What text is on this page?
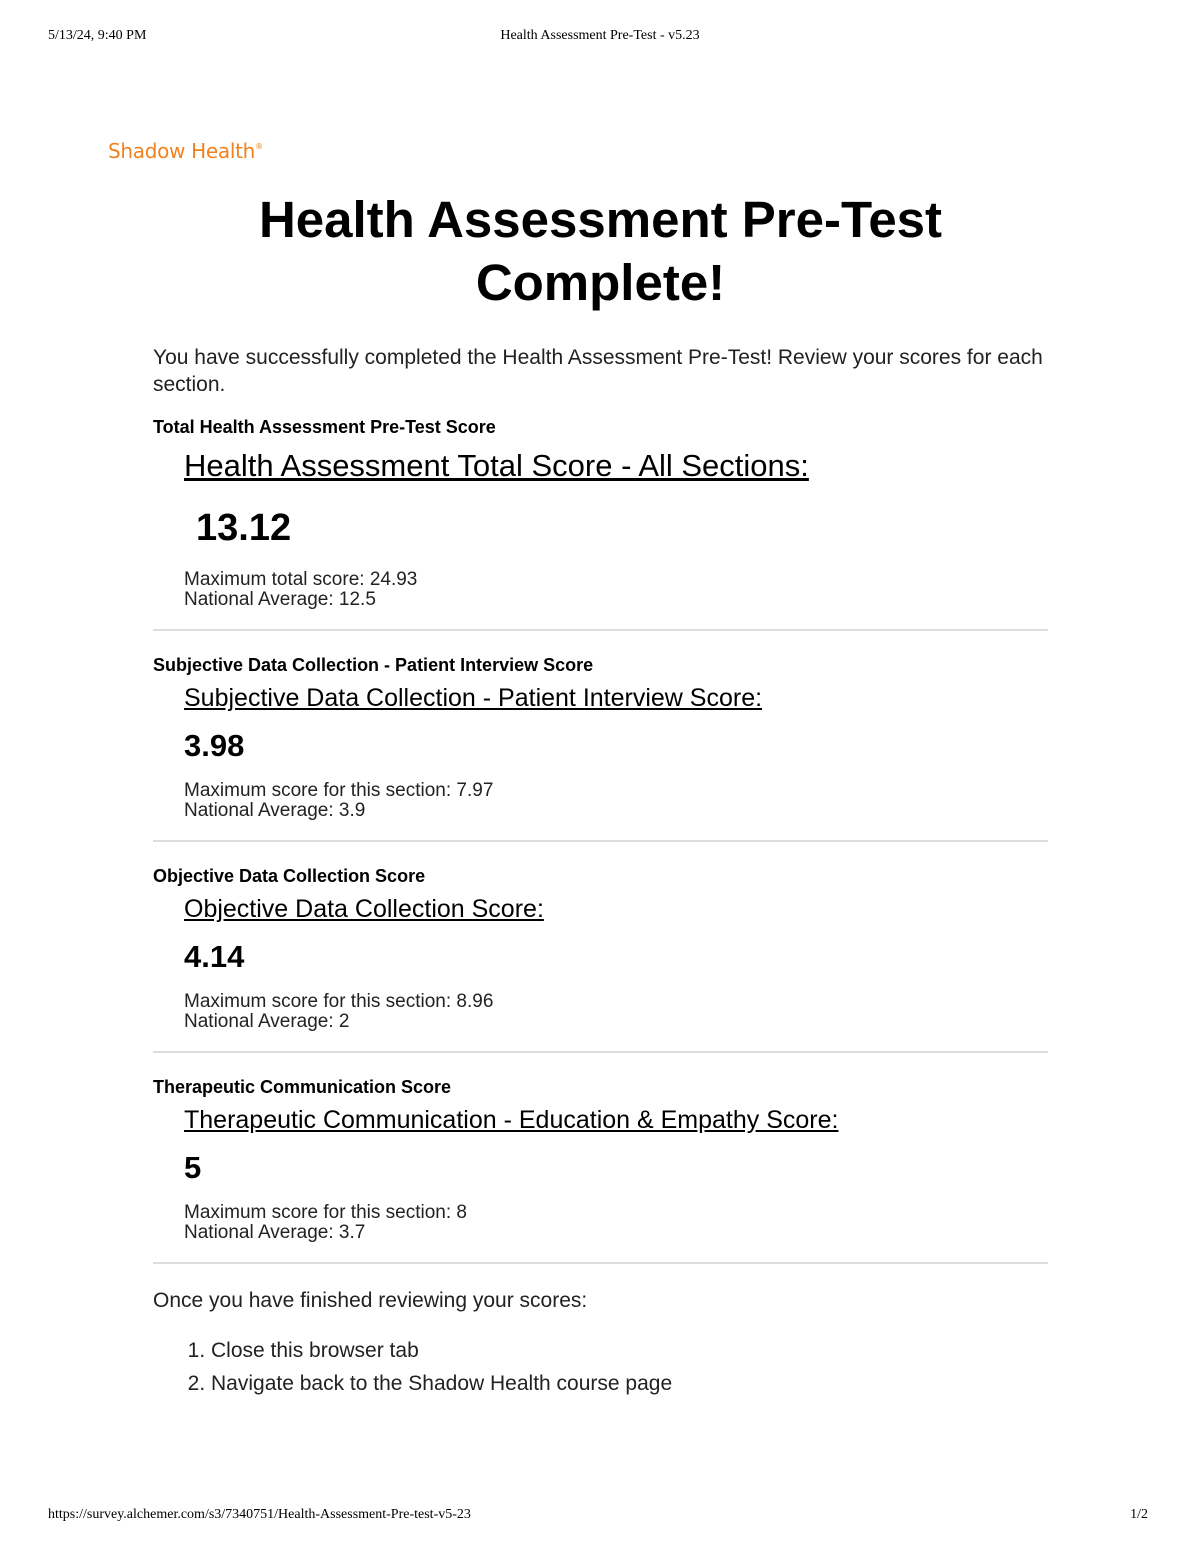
5/13/24, 9:40 PM	Health Assessment Pre-Test - v5.23
Shadow Health®
Health Assessment Pre-Test Complete!

You have successfully completed the Health Assessment Pre-Test! Review your scores for each section.

Total Health Assessment Pre-Test Score
Health Assessment Total Score - All Sections:
13.12
Maximum total score: 24.93
National Average: 12.5
Subjective Data Collection - Patient Interview Score
Subjective Data Collection - Patient Interview Score:
3.98
Maximum score for this section: 7.97
National Average: 3.9
Objective Data Collection Score
Objective Data Collection Score:
4.14
Maximum score for this section: 8.96
National Average: 2
Therapeutic Communication Score
Therapeutic Communication - Education & Empathy Score:
5
Maximum score for this section: 8
National Average: 3.7

Once you have finished reviewing your scores:

1. Close this browser tab
2. Navigate back to the Shadow Health course page
https://survey.alchemer.com/s3/7340751/Health-Assessment-Pre-test-v5-23	1/2
